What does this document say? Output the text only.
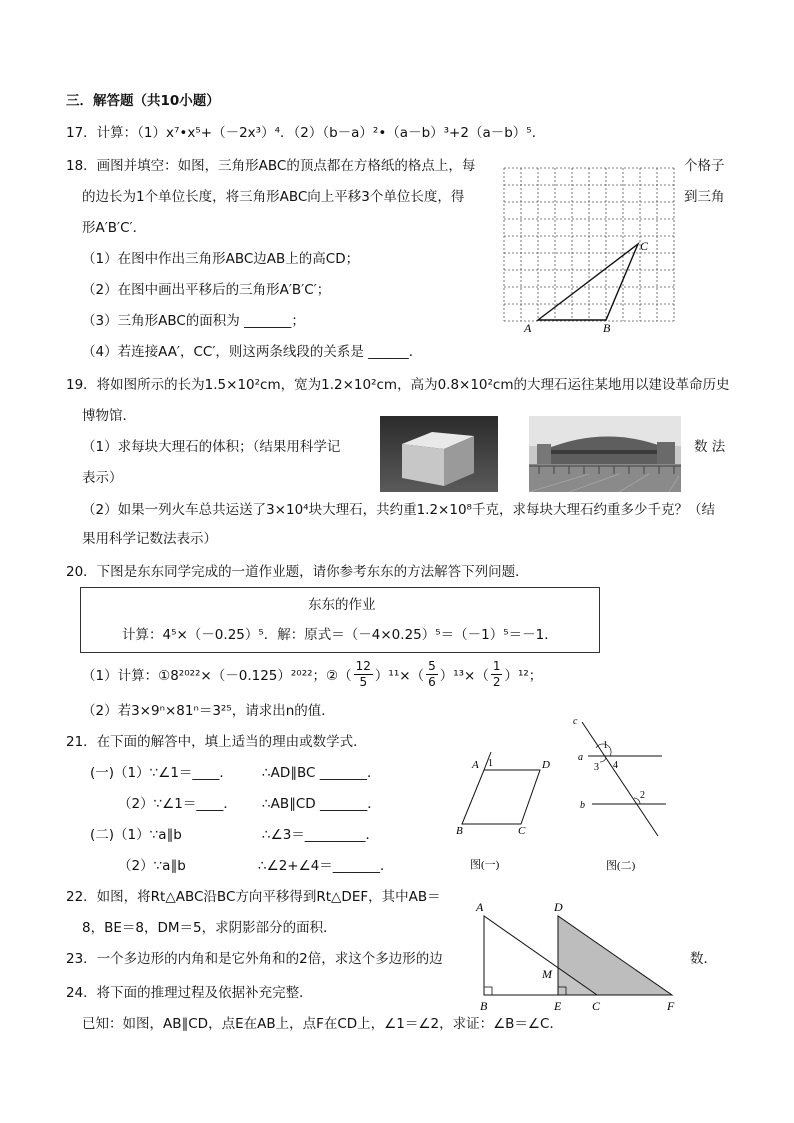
三．解答题（共10小题）
17．计算：（1）x⁷•x⁵+（－2x³）⁴．（2）（b－a）²•（a－b）³+2（a－b）⁵．
18．画图并填空：如图，三角形ABC的顶点都在方格纸的格点上，每	个格子
的边长为1个单位长度，将三角形ABC向上平移3个单位长度，得	到三角
形A′B′C′．
（1）在图中作出三角形ABC边AB上的高CD；
（2）在图中画出平移后的三角形A′B′C′；
（3）三角形ABC的面积为 _______；
（4）若连接AA′，CC′，则这两条线段的关系是 ______．
A	B
C
19．将如图所示的长为1.5×10²cm，宽为1.2×10²cm，高为0.8×10²cm的大理石运往某地用以建设革命历史
博物馆．
（1）求每块大理石的体积；（结果用科学记	数 法
表示）
（2）如果一列火车总共运送了3×10⁴块大理石，共约重1.2×10⁸千克，求每块大理石约重多少千克？（结
果用科学记数法表示）
20．下图是东东同学完成的一道作业题，请你参考东东的方法解答下列问题．
东东的作业
计算：4⁵×（－0.25）⁵．解：原式＝（－4×0.25）⁵＝（－1）⁵＝－1．
（1）计算：①8²⁰²²×（－0.125）²⁰²²；②（ $\frac{12}{5} )^{11}\times( \frac{5}{6} )^{13}\times( \frac{1}{2} )^{12}$；
（2）若3×9ⁿ×81ⁿ＝3²⁵，请求出n的值．
21．在下面的解答中，填上适当的理由或数学式．
(一)（1）∵∠1＝____． ∴AD∥BC _______．
（2）∵∠1＝____． ∴AB∥CD _______．
(二)（1）∵a∥b	∴∠3＝_________．
（2）∵a∥b	∴∠2+∠4＝_______．
A 1	D
B	C
图(一)
c
a
1
3 4
b
2
图(二)
22．如图，将Rt△ABC沿BC方向平移得到Rt△DEF，其中AB＝
8，BE＝8，DM＝5，求阴影部分的面积．
A	D
M
B	E	C	F
23．一个多边形的内角和是它外角和的2倍，求这个多边形的边	数．
24．将下面的推理过程及依据补充完整．
已知：如图，AB∥CD，点E在AB上，点F在CD上，∠1＝∠2，求证：∠B＝∠C．
